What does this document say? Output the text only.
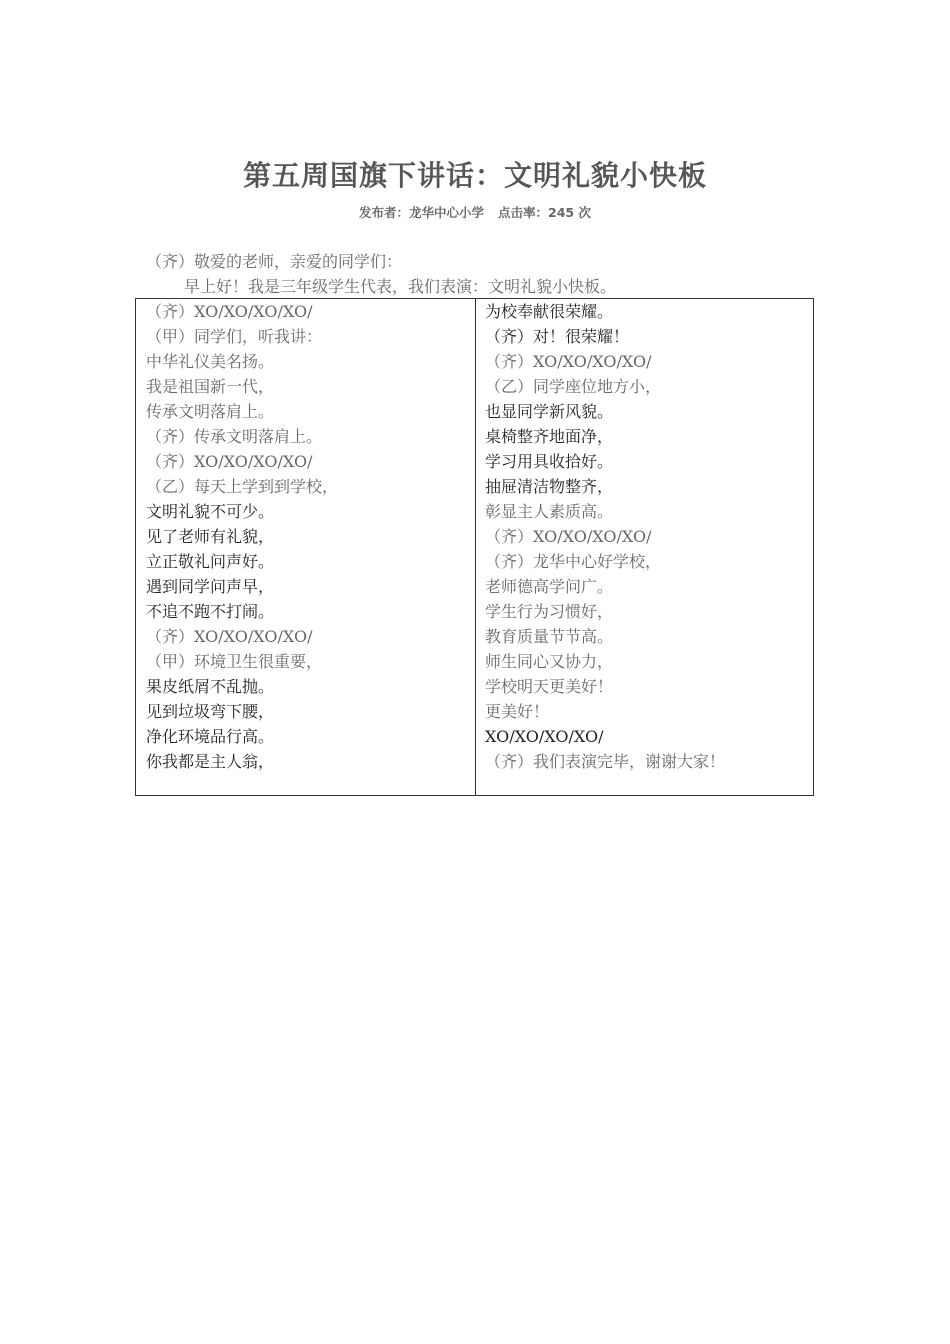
第五周国旗下讲话：文明礼貌小快板
发布者：龙华中心小学 点击率：245 次
（齐）敬爱的老师，亲爱的同学们：
早上好！我是三年级学生代表，我们表演：文明礼貌小快板。
（齐）XO/XO/XO/XO/
（甲）同学们，听我讲：
中华礼仪美名扬。
我是祖国新一代，
传承文明落肩上。
（齐）传承文明落肩上。
（齐）XO/XO/XO/XO/
（乙）每天上学到到学校，
文明礼貌不可少。
见了老师有礼貌，
立正敬礼问声好。
遇到同学问声早，
不追不跑不打闹。
（齐）XO/XO/XO/XO/
（甲）环境卫生很重要，
果皮纸屑不乱抛。
见到垃圾弯下腰，
净化环境品行高。
你我都是主人翁，
为校奉献很荣耀。
（齐）对！很荣耀！
（齐）XO/XO/XO/XO/
（乙）同学座位地方小，
也显同学新风貌。
桌椅整齐地面净，
学习用具收拾好。
抽屉清洁物整齐，
彰显主人素质高。
（齐）XO/XO/XO/XO/
（齐）龙华中心好学校，
老师德高学问广。
学生行为习惯好，
教育质量节节高。
师生同心又协力，
学校明天更美好！
更美好！
XO/XO/XO/XO/
（齐）我们表演完毕，谢谢大家！
